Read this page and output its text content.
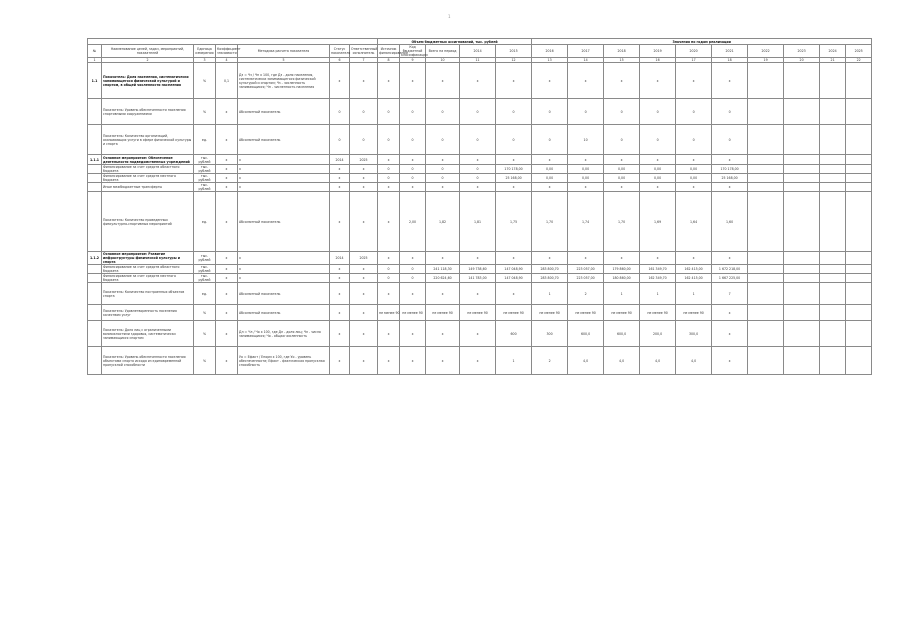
1
							Объем бюджетных ассигнований, тыс. рублей					Значения по годам реализации									
№	Наименование целей, задач, мероприятий, показателей	Единица измерения	Коэффициент значимости	Методика расчета показателя	Статус показателя	Ответственный исполнитель	Источник финансирования	Код бюджетной классификации	Всего на период	2014	2015	2016	2017	2018	2019	2020	2021	2022	2023	2024	2025
1	2	3	4	5	6	7	8	9	10	11	12	13	14	15	16	17	18	19	20	21	22
1.1	Показатель: Доля населения, систематически занимающегося физической культурой и спортом, в общей численности населения	%	0,1	Дз = Чз / Чн x 100, где Дз - доля населения, систематически занимающегося физической культурой и спортом; Чз - численность занимающихся; Чн - численность населения	x	x	x	x	x	x	x	x	x	x	x	x	x				
	Показатель: Уровень обеспеченности населения спортивными сооружениями	%	x	Абсолютный показатель	0	0	0	0	0	0	0	0	0	0	0	0	0				
	Показатель: Количество организаций, оказывающих услуги в сфере физической культуры и спорта	ед.	x	Абсолютный показатель	0	0	0	0	0	0	0	0	10	0	0	0	0				
1.1.1	Основное мероприятие: Обеспечение деятельности подведомственных учреждений	тыс. рублей	x	x	2014	2025	x	x	x	x	x	x	x	x	x	x	x				
	Финансирование за счет средств областного бюджета	тыс. рублей	x	x	x	x	0	0	0	0	170 178,00	0,00	0,00	0,00	0,00	0,00	170 178,00				
	Финансирование за счет средств местного бюджета	тыс. рублей	x	x	x	x	0	0	0	0	25 168,00	0,00	0,00	0,00	0,00	0,00	25 168,00				
	Иные межбюджетные трансферты	тыс. рублей	x	x	x	x	x	x	x	x	x	x	x	x	x	x	x				
	Показатель: Количество проведенных физкультурно-спортивных мероприятий	ед.	x	Абсолютный показатель	x	x	x	2,00	1,82	1,81	1,75	1,70	1,74	1,70	1,69	1,64	1,60				
1.1.2	Основное мероприятие: Развитие инфраструктуры физической культуры и спорта	тыс. рублей	x	x	2014	2025	x	x	x	x	x	x	x	x	x	x	x				
	Финансирование за счет средств областного бюджета	тыс. рублей	x	x	x	x	0	0	241 118,30	149 738,60	147 048,90	283 800,70	223 057,00	179 860,00	161 349,70	162 415,00	1 672 218,00				
	Финансирование за счет средств местного бюджета	тыс. рублей	x	x	x	x	0	0	220 624,60	141 783,00	147 048,90	283 800,70	223 057,00	180 860,00	162 349,70	162 415,00	1 667 225,00				
	Показатель: Количество построенных объектов спорта	ед.	x	Абсолютный показатель	x	x	x	x	x	x	x	1	2	1	1	1	7				
	Показатель: Удовлетворенность населения качеством услуг	%	x	Абсолютный показатель	x	x	не менее 90	не менее 90	не менее 90	не менее 90	не менее 90	не менее 90	не менее 90	не менее 90	не менее 90	не менее 90	x				
	Показатель: Доля лиц с ограниченными возможностями здоровья, систематически занимающихся спортом	%	x	Дл = Чл / Чо x 100, где Дл - доля лиц; Чл - число занимающихся; Чо - общая численность	x	x	x	x	x	x	600	300	600,0	600,0	200,0	300,0	x				
	Показатель: Уровень обеспеченности населения объектами спорта исходя из единовременной пропускной способности	%	x	Уо = Ефакт / Енорм x 100, где Уо - уровень обеспеченности; Ефакт - фактическая пропускная способность	x	x	x	x	x	x	1	2	4,0	4,0	4,0	4,0	x				
